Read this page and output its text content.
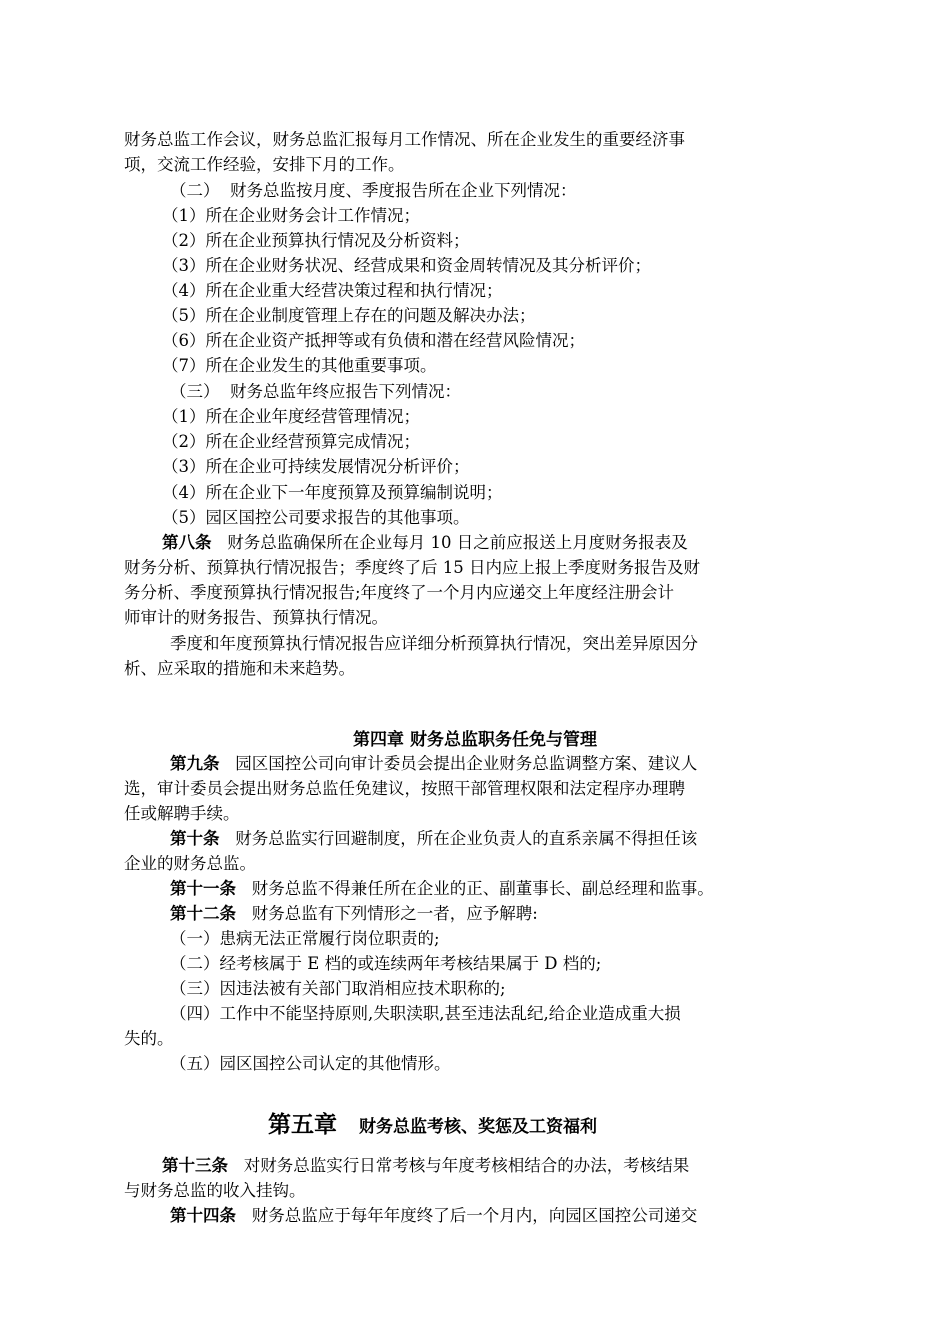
财务总监工作会议，财务总监汇报每月工作情况、所在企业发生的重要经济事
项，交流工作经验，安排下月的工作。
（二）  财务总监按月度、季度报告所在企业下列情况：
（1）所在企业财务会计工作情况；
（2）所在企业预算执行情况及分析资料；
（3）所在企业财务状况、经营成果和资金周转情况及其分析评价；
（4）所在企业重大经营决策过程和执行情况；
（5）所在企业制度管理上存在的问题及解决办法；
（6）所在企业资产抵押等或有负债和潜在经营风险情况；
（7）所在企业发生的其他重要事项。
（三）  财务总监年终应报告下列情况：
（1）所在企业年度经营管理情况；
（2）所在企业经营预算完成情况；
（3）所在企业可持续发展情况分析评价；
（4）所在企业下一年度预算及预算编制说明；
（5）园区国控公司要求报告的其他事项。
第八条   财务总监确保所在企业每月 10 日之前应报送上月度财务报表及
财务分析、预算执行情况报告；季度终了后 15 日内应上报上季度财务报告及财
务分析、季度预算执行情况报告;年度终了一个月内应递交上年度经注册会计
师审计的财务报告、预算执行情况。
季度和年度预算执行情况报告应详细分析预算执行情况，突出差异原因分
析、应采取的措施和未来趋势。
第九条   园区国控公司向审计委员会提出企业财务总监调整方案、建议人
选，审计委员会提出财务总监任免建议，按照干部管理权限和法定程序办理聘
任或解聘手续。
第十条   财务总监实行回避制度，所在企业负责人的直系亲属不得担任该
企业的财务总监。
第十一条   财务总监不得兼任所在企业的正、副董事长、副总经理和监事。
第十二条   财务总监有下列情形之一者，应予解聘:
（一）患病无法正常履行岗位职责的;
（二）经考核属于 E 档的或连续两年考核结果属于 D 档的;
（三）因违法被有关部门取消相应技术职称的;
（四）工作中不能坚持原则,失职渎职,甚至违法乱纪,给企业造成重大损
失的。
（五）园区国控公司认定的其他情形。
第十三条   对财务总监实行日常考核与年度考核相结合的办法，考核结果
与财务总监的收入挂钩。
第十四条   财务总监应于每年年度终了后一个月内，向园区国控公司递交
第四章 财务总监职务任免与管理
第五章 财务总监考核、奖惩及工资福利
